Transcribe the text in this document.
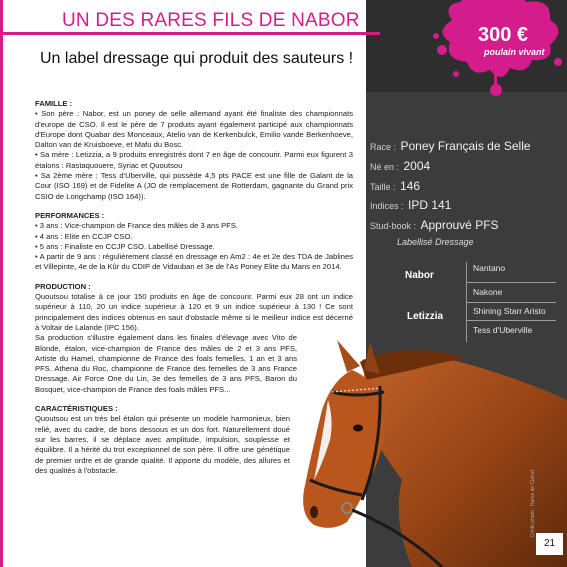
UN DES RARES FILS DE NABOR
Un label dressage qui produit des sauteurs !
300 €
poulain vivant

FAMILLE :

• Son père : Nabor, est un poney de selle allemand ayant été finaliste des championnats d'europe de CSO. Il est le père de 7 produits ayant également participé aux championnats d'Europe dont Quabar des Monceaux, Atelio van de Kerkenbulck, Emilio vande Berkenhoeve, Dalton van de Kruisboeve, et Mafu du Bosc.

• Sa mère : Letizzia, a 9 produits enregistrés dont 7 en âge de concourir. Parmi eux figurent 3 étalons : Rastaquouere, Syriac et Quoutsou

• Sa 2ème mère : Tess d'Uberville, qui possède 4,5 pts PACE est une fille de Galant de la Cour (ISO 169) et de Fidelite A (JO de remplacement de Rotterdam, gagnante du Grand prix CSIO de Longchamp (ISO 164)).

PERFORMANCES :

• 3 ans : Vice-champion de France des mâles de 3 ans PFS.

• 4 ans : Elite en CCJP CSO.

• 5 ans : Finaliste en CCJP CSO. Labellisé Dressage.

• A partir de 9 ans : régulièrement classé en dressage en Am2 : 4e et 2e des TDA de Jablines et Villepinte, 4e de la Kûr du CDIP de Vidauban et 3e de l'As Poney Elite du Mans en 2014.

PRODUCTION :

Quoutsou totalise à ce jour 150 produits en âge de concourir. Parmi eux 28 ont un indice supérieur à 110, 20 un indice supérieur à 120 et 9 un indice supérieur à 130 ! Ce sont principalement des indices obtenus en saut d'obstacle même si le meilleur indice est décerné à Voltair de Lalande (IPC 156).

Sa production s'illustre également dans les finales d'élevage avec Vito de Blonde, étalon, vice-champion de France des mâles de 2 et 3 ans PFS, Artiste du Hamel, championne de France des foals femelles, 1 an et 3 ans PFS. Athena du Roc, championne de France des femelles de 3 ans France Dressage. Air Force One du Lin, 3e des femelles de 3 ans PFS, Baron du Bosquet, vice-champion de France des foals mâles PFS...

CARACTÉRISTIQUES :

Quoutsou est un très bel étalon qui présente un modèle harmonieux, bien relié, avec du cadre, de bons dessous et un dos fort. Naturellement doué sur les barres, il se déplace avec amplitude, impulsion, souplesse et équilibre. Il a hérité du trot exceptionnel de son père. Il offre une génétique de premier ordre et de grande qualité. Il apporte du modèle, des allures et des qualités à l'obstacle.

Race : Poney Français de Selle
Né en : 2004
Taille : 146
Indices : IPD 141
Stud-book : Approuvé PFS
Labellisé Dressage
Nabor
Nantano
Nakone
Letizzia	Shining Starr Aristo
Tess d'Uberville
Crédit photo : Haras de Clairet
21
